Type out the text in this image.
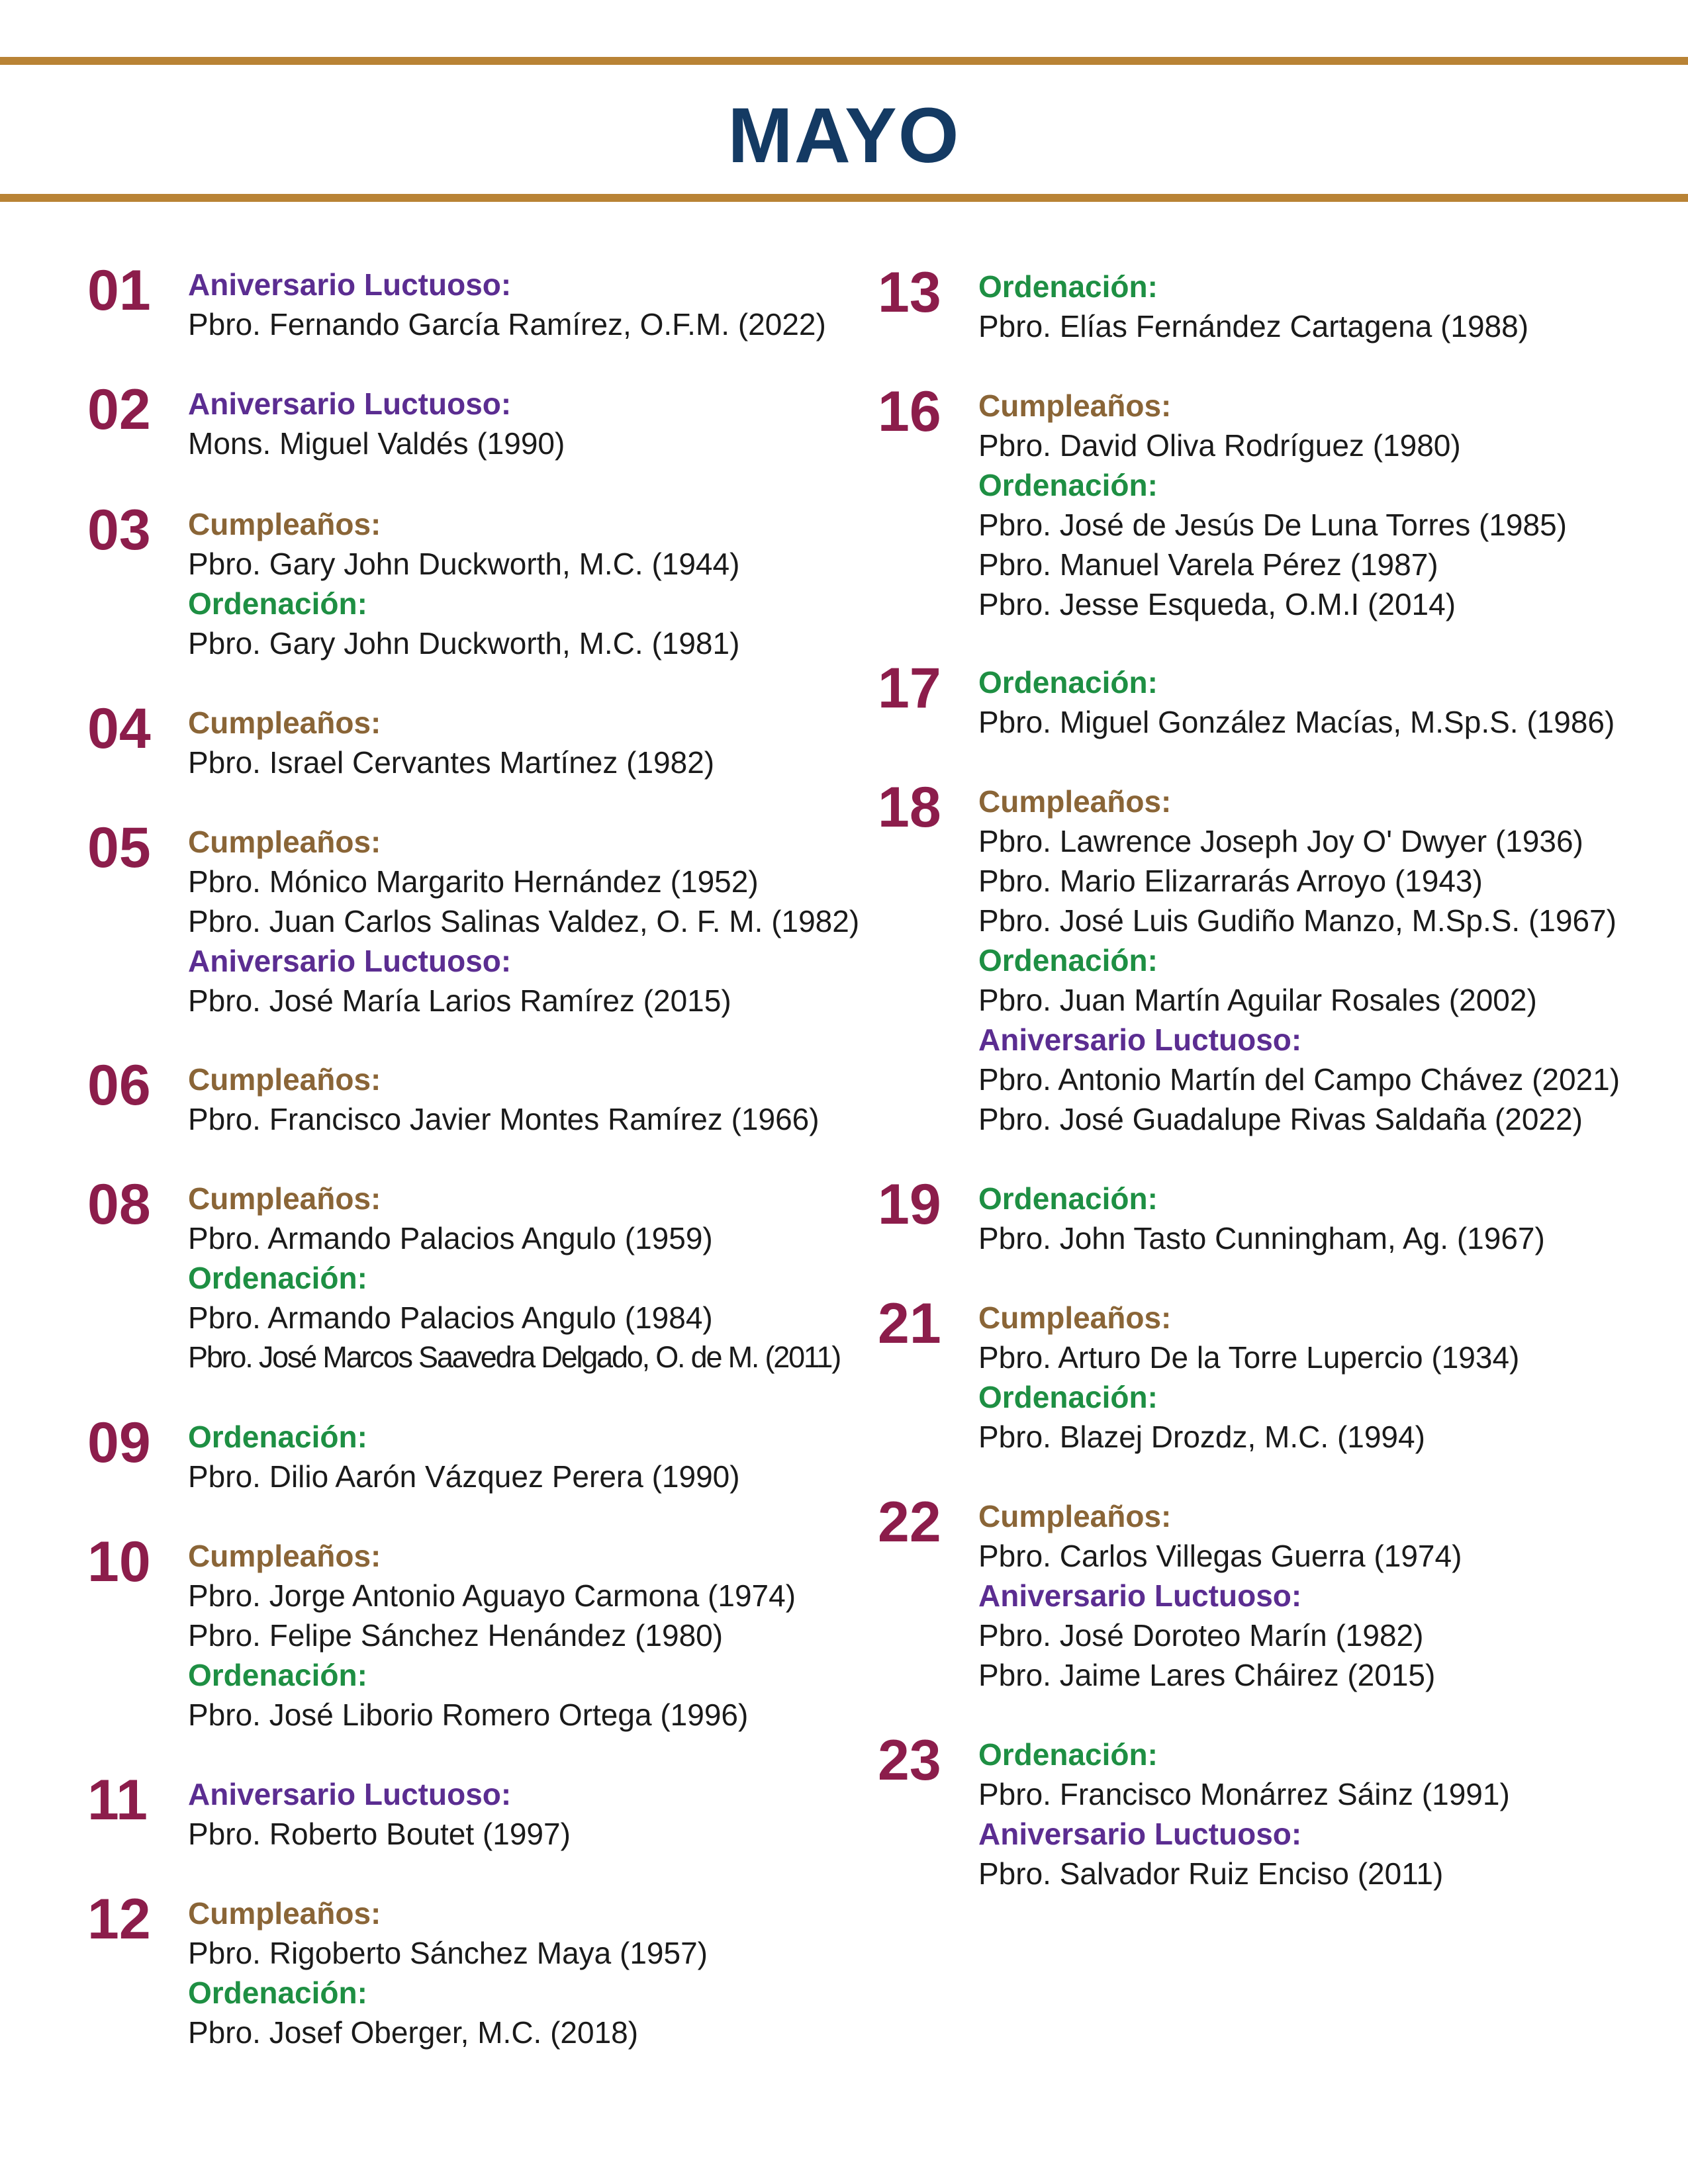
MAYO
01 Aniversario Luctuoso:
Pbro. Fernando García Ramírez, O.F.M. (2022)
02 Aniversario Luctuoso:
Mons. Miguel Valdés (1990)
03 Cumpleaños:
Pbro. Gary John Duckworth, M.C. (1944)
Ordenación:
Pbro. Gary John Duckworth, M.C. (1981)
04 Cumpleaños:
Pbro. Israel Cervantes Martínez (1982)
05 Cumpleaños:
Pbro. Mónico Margarito Hernández (1952)
Pbro. Juan Carlos Salinas Valdez, O. F. M. (1982)
Aniversario Luctuoso:
Pbro. José María Larios Ramírez (2015)
06 Cumpleaños:
Pbro. Francisco Javier Montes Ramírez (1966)
08 Cumpleaños:
Pbro. Armando Palacios Angulo (1959)
Ordenación:
Pbro. Armando Palacios Angulo (1984)
Pbro. José Marcos Saavedra Delgado, O. de M. (2011)
09 Ordenación:
Pbro. Dilio Aarón Vázquez Perera (1990)
10 Cumpleaños:
Pbro. Jorge Antonio Aguayo Carmona (1974)
Pbro. Felipe Sánchez Henández (1980)
Ordenación:
Pbro. José Liborio Romero Ortega (1996)
11 Aniversario Luctuoso:
Pbro. Roberto Boutet (1997)
12 Cumpleaños:
Pbro. Rigoberto Sánchez Maya (1957)
Ordenación:
Pbro. Josef Oberger, M.C. (2018)
13 Ordenación:
Pbro. Elías Fernández Cartagena (1988)
16 Cumpleaños:
Pbro. David Oliva Rodríguez (1980)
Ordenación:
Pbro. José de Jesús De Luna Torres (1985)
Pbro. Manuel Varela Pérez (1987)
Pbro. Jesse Esqueda, O.M.I (2014)
17 Ordenación:
Pbro. Miguel González Macías, M.Sp.S. (1986)
18 Cumpleaños:
Pbro. Lawrence Joseph Joy O' Dwyer (1936)
Pbro. Mario Elizarrarás Arroyo (1943)
Pbro. José Luis Gudiño Manzo, M.Sp.S. (1967)
Ordenación:
Pbro. Juan Martín Aguilar Rosales (2002)
Aniversario Luctuoso:
Pbro. Antonio Martín del Campo Chávez (2021)
Pbro. José Guadalupe Rivas Saldaña (2022)
19 Ordenación:
Pbro. John Tasto Cunningham, Ag. (1967)
21 Cumpleaños:
Pbro. Arturo De la Torre Lupercio (1934)
Ordenación:
Pbro. Blazej Drozdz, M.C. (1994)
22 Cumpleaños:
Pbro. Carlos Villegas Guerra (1974)
Aniversario Luctuoso:
Pbro. José Doroteo Marín (1982)
Pbro. Jaime Lares Cháirez (2015)
23 Ordenación:
Pbro. Francisco Monárrez Sáinz (1991)
Aniversario Luctuoso:
Pbro. Salvador Ruiz Enciso (2011)
